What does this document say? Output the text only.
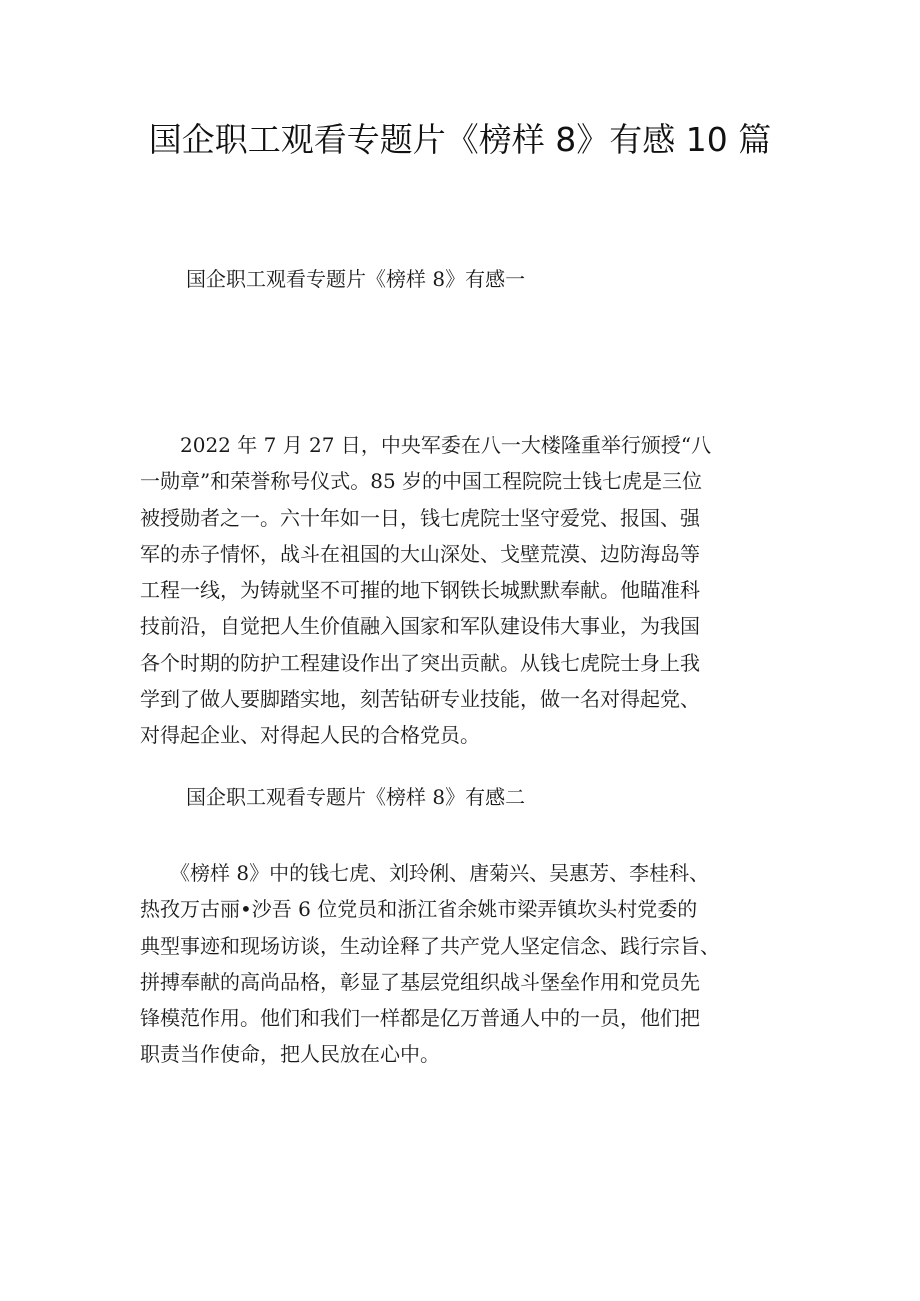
国企职工观看专题片《榜样 8》有感 10 篇
国企职工观看专题片《榜样 8》有感一
　　2022 年 7 月 27 日，中央军委在八一大楼隆重举行颁授“八
一勋章”和荣誉称号仪式。85 岁的中国工程院院士钱七虎是三位
被授勋者之一。六十年如一日，钱七虎院士坚守爱党、报国、强
军的赤子情怀，战斗在祖国的大山深处、戈壁荒漠、边防海岛等
工程一线，为铸就坚不可摧的地下钢铁长城默默奉献。他瞄准科
技前沿，自觉把人生价值融入国家和军队建设伟大事业，为我国
各个时期的防护工程建设作出了突出贡献。从钱七虎院士身上我
学到了做人要脚踏实地，刻苦钻研专业技能，做一名对得起党、
对得起企业、对得起人民的合格党员。
国企职工观看专题片《榜样 8》有感二
　　《榜样 8》中的钱七虎、刘玲俐、唐菊兴、吴惠芳、李桂科、
热孜万古丽•沙吾 6 位党员和浙江省余姚市梁弄镇坎头村党委的
典型事迹和现场访谈，生动诠释了共产党人坚定信念、践行宗旨、
拼搏奉献的高尚品格，彰显了基层党组织战斗堡垒作用和党员先
锋模范作用。他们和我们一样都是亿万普通人中的一员，他们把
职责当作使命，把人民放在心中。
